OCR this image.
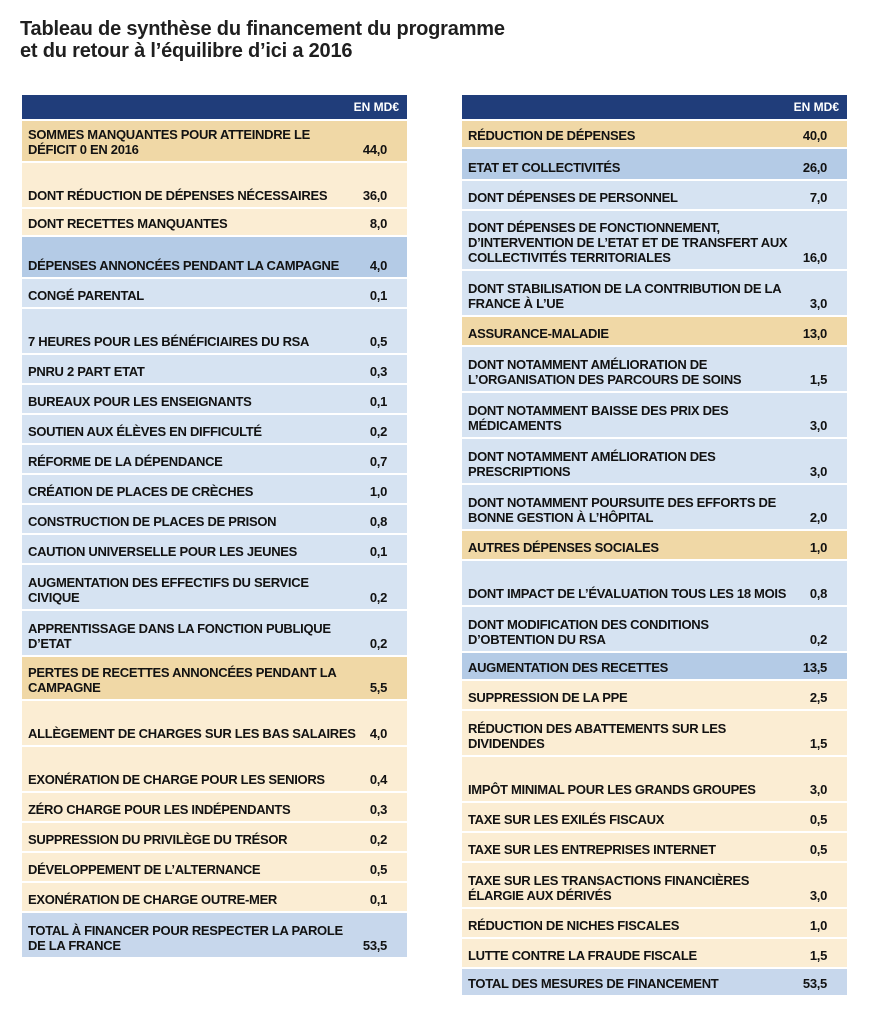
Tableau de synthèse du financement du programme
et du retour à l’équilibre d’ici a 2016
EN MD€
SOMMES MANQUANTES POUR ATTEINDRE LE DÉFICIT 0 EN 2016	44,0
DONT RÉDUCTION DE DÉPENSES NÉCESSAIRES	36,0
DONT RECETTES MANQUANTES	8,0
DÉPENSES ANNONCÉES PENDANT LA CAMPAGNE	4,0
CONGÉ PARENTAL	0,1
7 HEURES POUR LES BÉNÉFICIAIRES DU RSA	0,5
PNRU 2 PART ETAT	0,3
BUREAUX POUR LES ENSEIGNANTS	0,1
SOUTIEN AUX ÉLÈVES EN DIFFICULTÉ	0,2
RÉFORME DE LA DÉPENDANCE	0,7
CRÉATION DE PLACES DE CRÈCHES	1,0
CONSTRUCTION DE PLACES DE PRISON	0,8
CAUTION UNIVERSELLE POUR LES JEUNES	0,1
AUGMENTATION DES EFFECTIFS DU SERVICE CIVIQUE	0,2
APPRENTISSAGE DANS LA FONCTION PUBLIQUE D’ETAT	0,2
PERTES DE RECETTES ANNONCÉES PENDANT LA CAMPAGNE	5,5
ALLÈGEMENT DE CHARGES SUR LES BAS SALAIRES	4,0
EXONÉRATION DE CHARGE POUR LES SENIORS	0,4
ZÉRO CHARGE POUR LES INDÉPENDANTS	0,3
SUPPRESSION DU PRIVILÈGE DU TRÉSOR	0,2
DÉVELOPPEMENT DE L’ALTERNANCE	0,5
EXONÉRATION DE CHARGE OUTRE-MER	0,1
TOTAL À FINANCER POUR RESPECTER LA PAROLE DE LA FRANCE	53,5
EN MD€
RÉDUCTION DE DÉPENSES	40,0
ETAT ET COLLECTIVITÉS	26,0
DONT DÉPENSES DE PERSONNEL	7,0
DONT DÉPENSES DE FONCTIONNEMENT, D’INTERVENTION DE L’ETAT ET DE TRANSFERT AUX COLLECTIVITÉS TERRITORIALES	16,0
DONT STABILISATION DE LA CONTRIBUTION DE LA FRANCE À L’UE	3,0
ASSURANCE-MALADIE	13,0
DONT NOTAMMENT AMÉLIORATION DE L’ORGANISATION DES PARCOURS DE SOINS	1,5
DONT NOTAMMENT BAISSE DES PRIX DES MÉDICAMENTS	3,0
DONT NOTAMMENT AMÉLIORATION DES PRESCRIPTIONS	3,0
DONT NOTAMMENT POURSUITE DES EFFORTS DE BONNE GESTION À L’HÔPITAL	2,0
AUTRES DÉPENSES SOCIALES	1,0
DONT IMPACT DE L’ÉVALUATION TOUS LES 18 MOIS	0,8
DONT MODIFICATION DES CONDITIONS D’OBTENTION DU RSA	0,2
AUGMENTATION DES RECETTES	13,5
SUPPRESSION DE LA PPE	2,5
RÉDUCTION DES ABATTEMENTS SUR LES DIVIDENDES	1,5
IMPÔT MINIMAL POUR LES GRANDS GROUPES	3,0
TAXE SUR LES EXILÉS FISCAUX	0,5
TAXE SUR LES ENTREPRISES INTERNET	0,5
TAXE SUR LES TRANSACTIONS FINANCIÈRES ÉLARGIE AUX DÉRIVÉS	3,0
RÉDUCTION DE NICHES FISCALES	1,0
LUTTE CONTRE LA FRAUDE FISCALE	1,5
TOTAL DES MESURES DE FINANCEMENT	53,5
